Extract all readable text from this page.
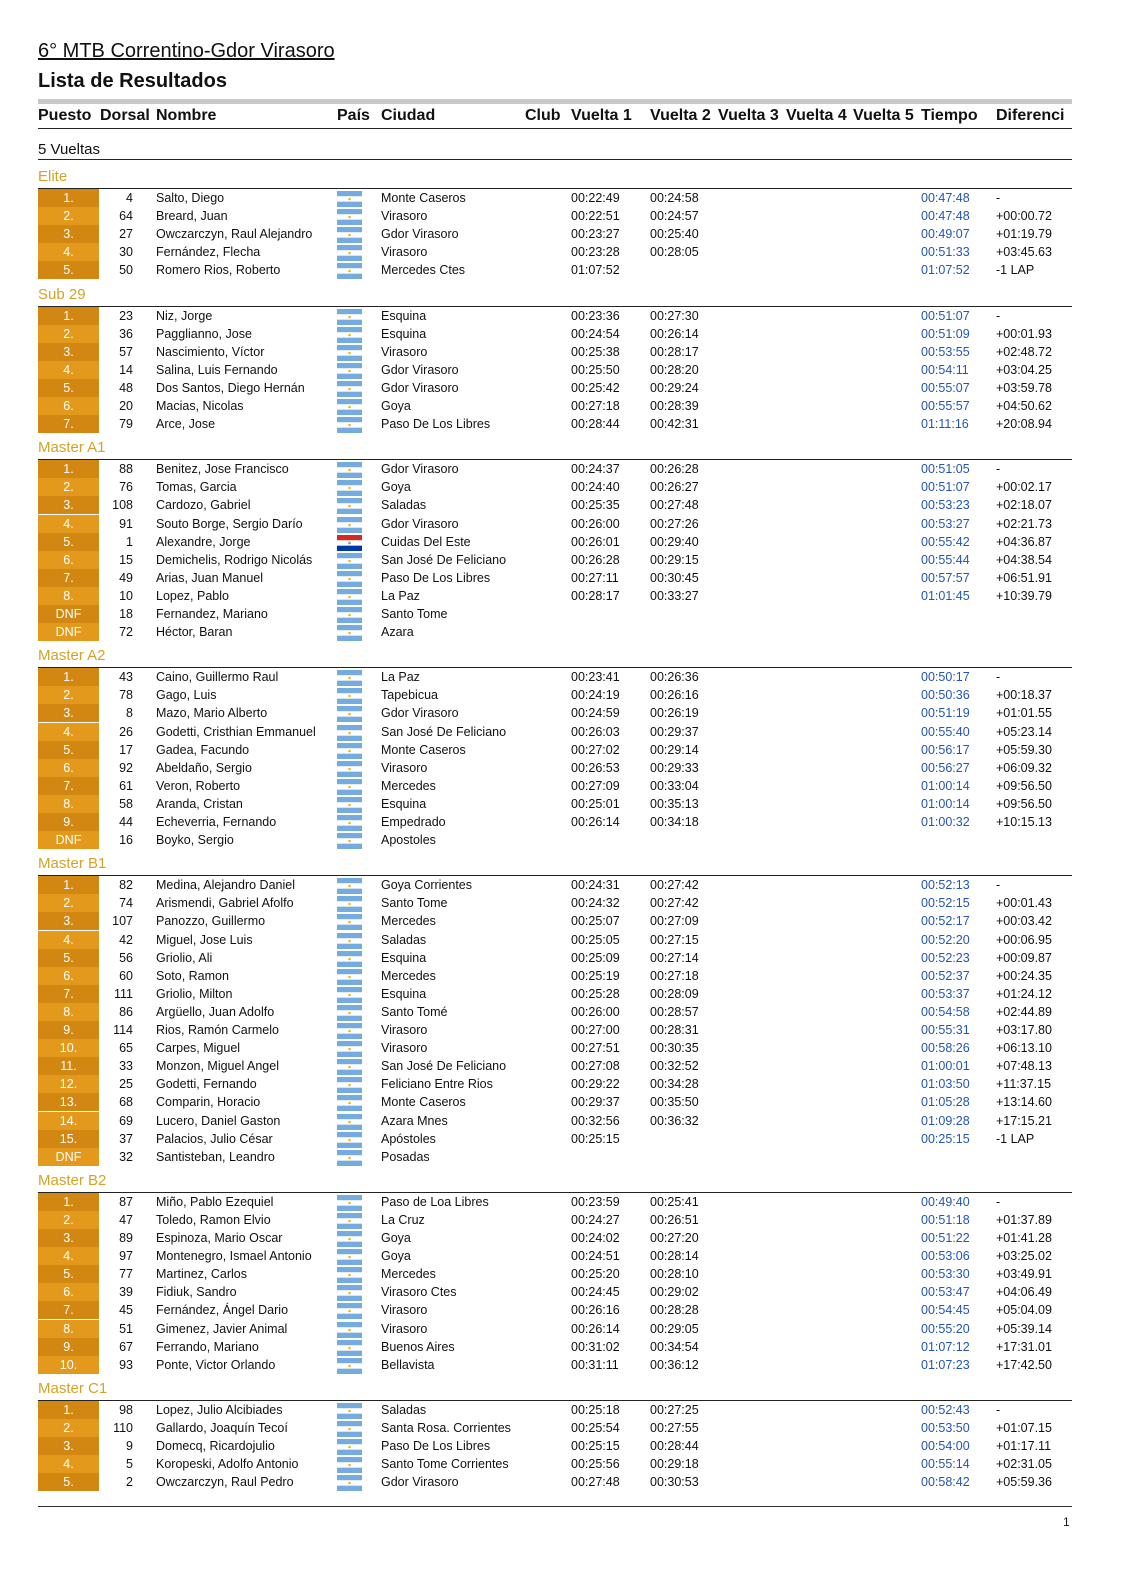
6° MTB Correntino-Gdor Virasoro
Lista de Resultados
Puesto Dorsal Nombre	País Ciudad	Club Vuelta 1 Vuelta 2 Vuelta 3 Vuelta 4 Vuelta 5 Tiempo Diferenci
5 Vueltas
Elite
1.	4 Salto, Diego	Monte Caseros	00:22:49 00:24:58	00:47:48 -
2.	64 Breard, Juan	Virasoro	00:22:51 00:24:57	00:47:48 +00:00.72
3.	27 Owczarczyn, Raul Alejandro	Gdor Virasoro	00:23:27 00:25:40	00:49:07 +01:19.79
4.	30 Fernández, Flecha	Virasoro	00:23:28 00:28:05	00:51:33 +03:45.63
5.	50 Romero Rios, Roberto	Mercedes Ctes	01:07:52	01:07:52 -1 LAP
Sub 29
1.	23 Niz, Jorge	Esquina	00:23:36 00:27:30	00:51:07 -
2.	36 Pagglianno, Jose	Esquina	00:24:54 00:26:14	00:51:09 +00:01.93
3.	57 Nascimiento, Víctor	Virasoro	00:25:38 00:28:17	00:53:55 +02:48.72
4.	14 Salina, Luis Fernando	Gdor Virasoro	00:25:50 00:28:20	00:54:11 +03:04.25
5.	48 Dos Santos, Diego Hernán	Gdor Virasoro	00:25:42 00:29:24	00:55:07 +03:59.78
6.	20 Macias, Nicolas	Goya	00:27:18 00:28:39	00:55:57 +04:50.62
7.	79 Arce, Jose	Paso De Los Libres	00:28:44 00:42:31	01:11:16 +20:08.94
Master A1
1.	88 Benitez, Jose Francisco	Gdor Virasoro	00:24:37 00:26:28	00:51:05 -
2.	76 Tomas, Garcia	Goya	00:24:40 00:26:27	00:51:07 +00:02.17
3.	108 Cardozo, Gabriel	Saladas	00:25:35 00:27:48	00:53:23 +02:18.07
4.	91 Souto Borge, Sergio Darío	Gdor Virasoro	00:26:00 00:27:26	00:53:27 +02:21.73
5.	1 Alexandre, Jorge	Cuidas Del Este	00:26:01 00:29:40	00:55:42 +04:36.87
6.	15 Demichelis, Rodrigo Nicolás	San José De Feliciano	00:26:28 00:29:15	00:55:44 +04:38.54
7.	49 Arias, Juan Manuel	Paso De Los Libres	00:27:11	00:30:45	00:57:57 +06:51.91
8.	10 Lopez, Pablo	La Paz	00:28:17 00:33:27	01:01:45 +10:39.79
DNF	18 Fernandez, Mariano	Santo Tome
DNF	72 Héctor, Baran	Azara
Master A2
1.	43 Caino, Guillermo Raul	La Paz	00:23:41 00:26:36	00:50:17 -
2.	78 Gago, Luis	Tapebicua	00:24:19 00:26:16	00:50:36 +00:18.37
3.	8 Mazo, Mario Alberto	Gdor Virasoro	00:24:59 00:26:19	00:51:19 +01:01.55
4.	26 Godetti, Cristhian Emmanuel	San José De Feliciano	00:26:03 00:29:37	00:55:40 +05:23.14
5.	17 Gadea, Facundo	Monte Caseros	00:27:02 00:29:14	00:56:17 +05:59.30
6.	92 Abeldaño, Sergio	Virasoro	00:26:53 00:29:33	00:56:27 +06:09.32
7.	61 Veron, Roberto	Mercedes	00:27:09 00:33:04	01:00:14 +09:56.50
8.	58 Aranda, Cristan	Esquina	00:25:01 00:35:13	01:00:14 +09:56.50
9.	44 Echeverria, Fernando	Empedrado	00:26:14 00:34:18	01:00:32 +10:15.13
DNF	16 Boyko, Sergio	Apostoles
Master B1
1.	82 Medina, Alejandro Daniel	Goya Corrientes	00:24:31 00:27:42	00:52:13 -
2.	74 Arismendi, Gabriel Afolfo	Santo Tome	00:24:32 00:27:42	00:52:15 +00:01.43
3.	107 Panozzo, Guillermo	Mercedes	00:25:07 00:27:09	00:52:17 +00:03.42
4.	42 Miguel, Jose Luis	Saladas	00:25:05 00:27:15	00:52:20 +00:06.95
5.	56 Griolio, Ali	Esquina	00:25:09 00:27:14	00:52:23 +00:09.87
6.	60 Soto, Ramon	Mercedes	00:25:19 00:27:18	00:52:37 +00:24.35
7.	111 Griolio, Milton	Esquina	00:25:28 00:28:09	00:53:37 +01:24.12
8.	86 Argüello, Juan Adolfo	Santo Tomé	00:26:00 00:28:57	00:54:58 +02:44.89
9.	114 Rios, Ramón Carmelo	Virasoro	00:27:00 00:28:31	00:55:31 +03:17.80
10.	65 Carpes, Miguel	Virasoro	00:27:51 00:30:35	00:58:26 +06:13.10
11.	33 Monzon, Miguel Angel	San José De Feliciano	00:27:08 00:32:52	01:00:01 +07:48.13
12.	25 Godetti, Fernando	Feliciano Entre Rios	00:29:22 00:34:28	01:03:50 +11:37.15
13.	68 Comparin, Horacio	Monte Caseros	00:29:37 00:35:50	01:05:28 +13:14.60
14.	69 Lucero, Daniel Gaston	Azara Mnes	00:32:56 00:36:32	01:09:28 +17:15.21
15.	37 Palacios, Julio César	Apóstoles	00:25:15	00:25:15 -1 LAP
DNF	32 Santisteban, Leandro	Posadas
Master B2
1.	87 Miño, Pablo Ezequiel	Paso de Loa Libres	00:23:59 00:25:41	00:49:40 -
2.	47 Toledo, Ramon Elvio	La Cruz	00:24:27 00:26:51	00:51:18 +01:37.89
3.	89 Espinoza, Mario Oscar	Goya	00:24:02 00:27:20	00:51:22 +01:41.28
4.	97 Montenegro, Ismael Antonio	Goya	00:24:51 00:28:14	00:53:06 +03:25.02
5.	77 Martinez, Carlos	Mercedes	00:25:20 00:28:10	00:53:30 +03:49.91
6.	39 Fidiuk, Sandro	Virasoro Ctes	00:24:45 00:29:02	00:53:47 +04:06.49
7.	45 Fernández, Ángel Dario	Virasoro	00:26:16 00:28:28	00:54:45 +05:04.09
8.	51 Gimenez, Javier Animal	Virasoro	00:26:14 00:29:05	00:55:20 +05:39.14
9.	67 Ferrando, Mariano	Buenos Aires	00:31:02 00:34:54	01:07:12 +17:31.01
10.	93 Ponte, Victor Orlando	Bellavista	00:31:11	00:36:12	01:07:23 +17:42.50
Master C1
1.	98 Lopez, Julio Alcibiades	Saladas	00:25:18 00:27:25	00:52:43 -
2.	110 Gallardo, Joaquín Tecoí	Santa Rosa. Corrientes	00:25:54 00:27:55	00:53:50 +01:07.15
3.	9 Domecq, Ricardojulio	Paso De Los Libres	00:25:15 00:28:44	00:54:00 +01:17.11
4.	5 Koropeski, Adolfo Antonio	Santo Tome Corrientes	00:25:56 00:29:18	00:55:14 +02:31.05
5.	2 Owczarczyn, Raul Pedro	Gdor Virasoro	00:27:48 00:30:53	00:58:42 +05:59.36
1
